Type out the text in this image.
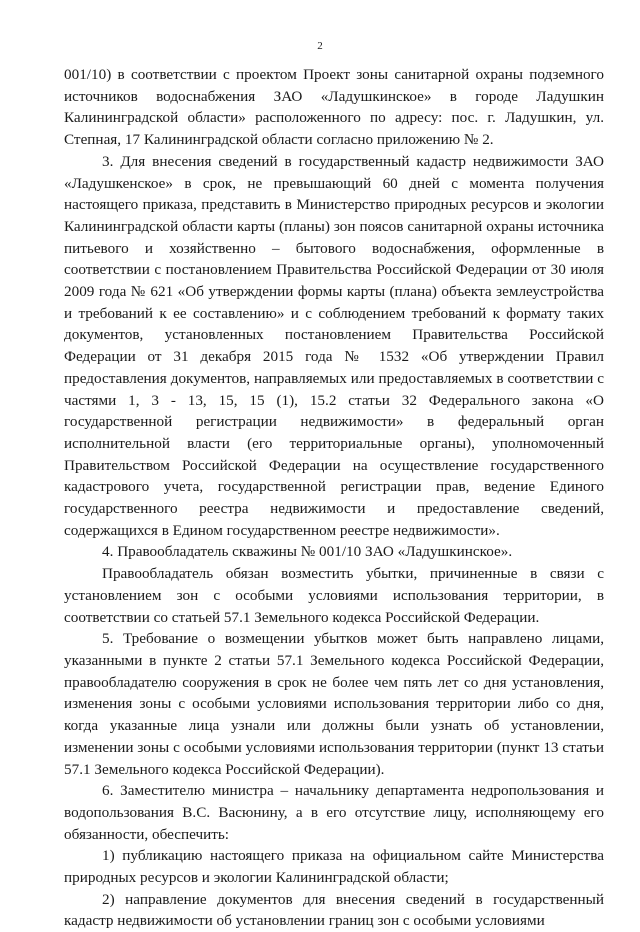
2

001/10) в соответствии с проектом Проект зоны санитарной охраны подземного источников водоснабжения ЗАО «Ладушкинское» в городе Ладушкин Калининградской области» расположенного по адресу: пос. г. Ладушкин, ул. Степная, 17 Калининградской области согласно приложению № 2.

3. Для внесения сведений в государственный кадастр недвижимости ЗАО «Ладушкенское» в срок, не превышающий 60 дней с момента получения настоящего приказа, представить в Министерство природных ресурсов и экологии Калининградской области карты (планы) зон поясов санитарной охраны источника питьевого и хозяйственно – бытового водоснабжения, оформленные в соответствии с постановлением Правительства Российской Федерации от 30 июля 2009 года № 621 «Об утверждении формы карты (плана) объекта землеустройства и требований к ее составлению» и с соблюдением требований к формату таких документов, установленных постановлением Правительства Российской Федерации от 31 декабря 2015 года № 1532 «Об утверждении Правил предоставления документов, направляемых или предоставляемых в соответствии с частями 1, 3 - 13, 15, 15 (1), 15.2 статьи 32 Федерального закона «О государственной регистрации недвижимости» в федеральный орган исполнительной власти (его территориальные органы), уполномоченный Правительством Российской Федерации на осуществление государственного кадастрового учета, государственной регистрации прав, ведение Единого государственного реестра недвижимости и предоставление сведений, содержащихся в Едином государственном реестре недвижимости».

4. Правообладатель скважины № 001/10 ЗАО «Ладушкинское».

Правообладатель обязан возместить убытки, причиненные в связи с установлением зон с особыми условиями использования территории, в соответствии со статьей 57.1 Земельного кодекса Российской Федерации.

5. Требование о возмещении убытков может быть направлено лицами, указанными в пункте 2 статьи 57.1 Земельного кодекса Российской Федерации, правообладателю сооружения в срок не более чем пять лет со дня установления, изменения зоны с особыми условиями использования территории либо со дня, когда указанные лица узнали или должны были узнать об установлении, изменении зоны с особыми условиями использования территории (пункт 13 статьи 57.1 Земельного кодекса Российской Федерации).

6. Заместителю министра – начальнику департамента недропользования и водопользования В.С. Васюнину, а в его отсутствие лицу, исполняющему его обязанности, обеспечить:

1) публикацию настоящего приказа на официальном сайте Министерства природных ресурсов и экологии Калининградской области;

2) направление документов для внесения сведений в государственный кадастр недвижимости об установлении границ зон с особыми условиями
